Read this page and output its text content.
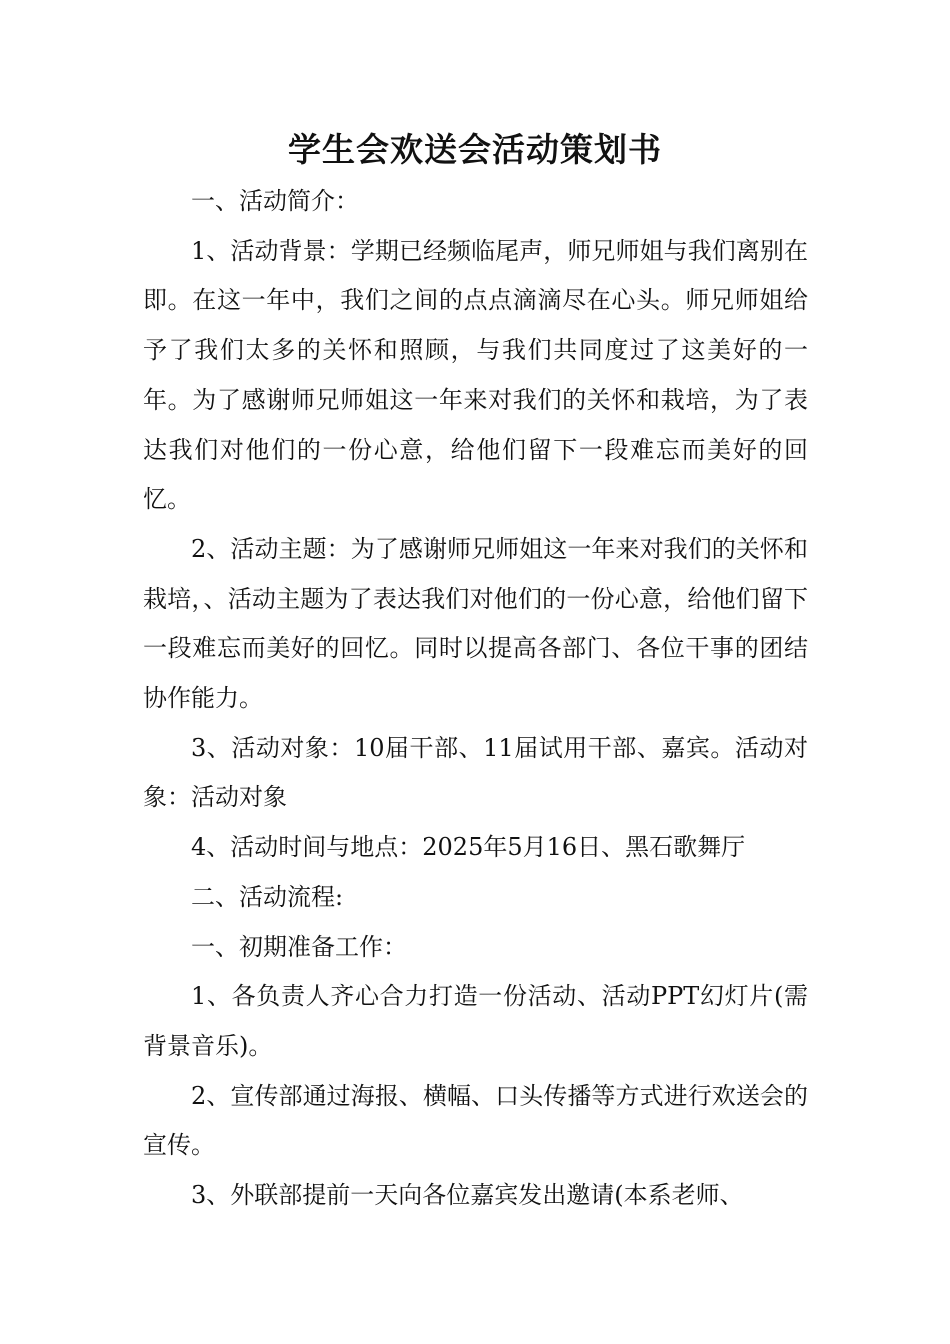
学生会欢送会活动策划书

一、活动简介：

1、活动背景：学期已经频临尾声，师兄师姐与我们离别在即。在这一年中，我们之间的点点滴滴尽在心头。师兄师姐给予了我们太多的关怀和照顾，与我们共同度过了这美好的一年。为了感谢师兄师姐这一年来对我们的关怀和栽培，为了表达我们对他们的一份心意，给他们留下一段难忘而美好的回忆。

2、活动主题：为了感谢师兄师姐这一年来对我们的关怀和栽培，、活动主题为了表达我们对他们的一份心意，给他们留下一段难忘而美好的回忆。同时以提高各部门、各位干事的团结协作能力。

3、活动对象：10届干部、11届试用干部、嘉宾。活动对象：活动对象

4、活动时间与地点：2025年5月16日、黑石歌舞厅

二、活动流程:

一、初期准备工作：

1、各负责人齐心合力打造一份活动、活动PPT幻灯片(需背景音乐)。

2、宣传部通过海报、横幅、口头传播等方式进行欢送会的宣传。

3、外联部提前一天向各位嘉宾发出邀请(本系老师、
